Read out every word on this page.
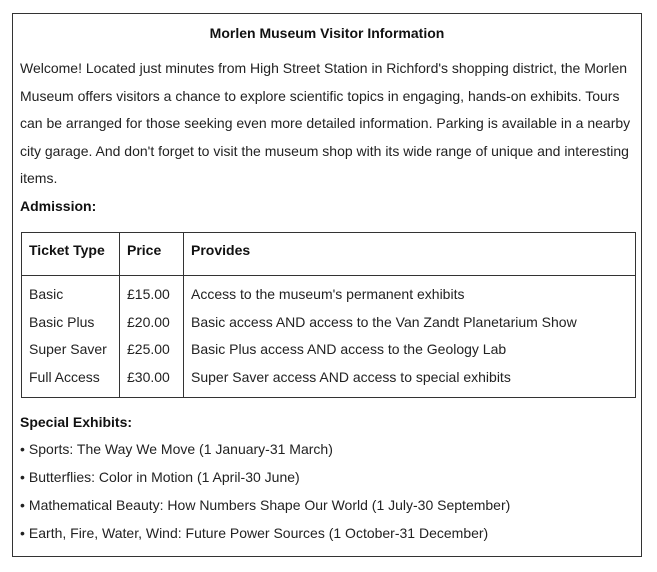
Morlen Museum Visitor Information

Welcome! Located just minutes from High Street Station in Richford's shopping district, the Morlen Museum offers visitors a chance to explore scientific topics in engaging, hands-on exhibits. Tours can be arranged for those seeking even more detailed information. Parking is available in a nearby city garage. And don't forget to visit the museum shop with its wide range of unique and interesting items.

Admission:
Ticket Type	Price	Provides
Basic	£15.00	Access to the museum's permanent exhibits
Basic Plus	£20.00	Basic access AND access to the Van Zandt Planetarium Show
Super Saver	£25.00	Basic Plus access AND access to the Geology Lab
Full Access	£30.00	Super Saver access AND access to special exhibits
Special Exhibits:
• Sports: The Way We Move (1 January-31 March)
• Butterflies: Color in Motion (1 April-30 June)
• Mathematical Beauty: How Numbers Shape Our World (1 July-30 September)
• Earth, Fire, Water, Wind: Future Power Sources (1 October-31 December)
